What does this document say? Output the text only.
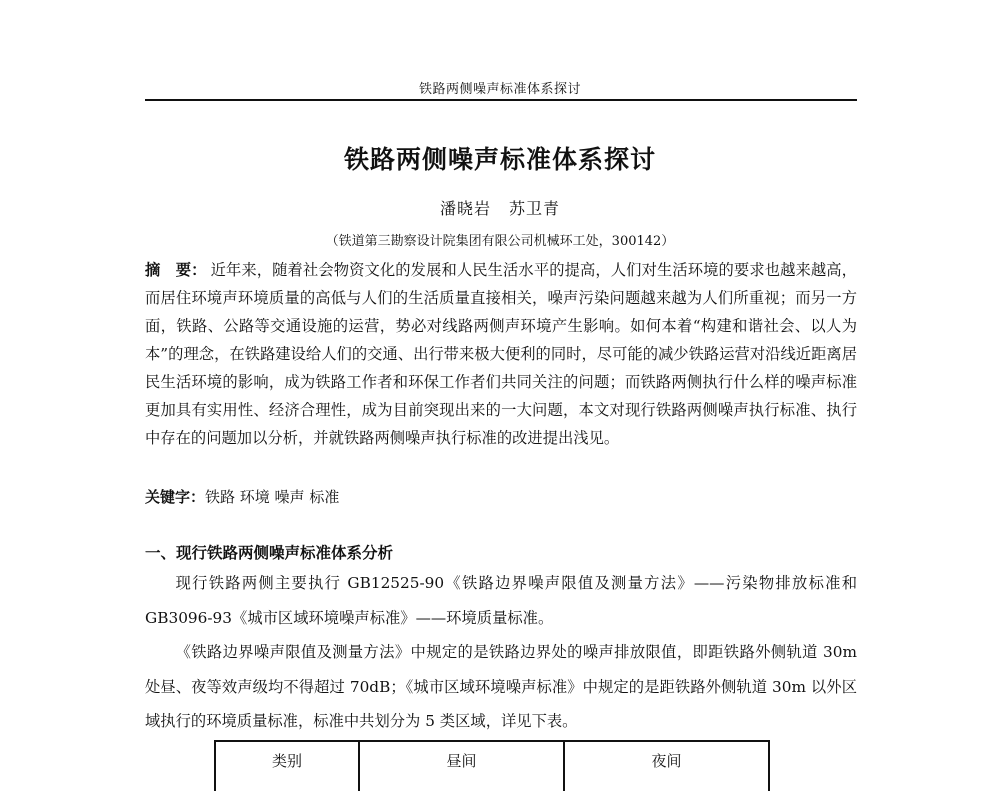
铁路两侧噪声标准体系探讨
铁路两侧噪声标准体系探讨
潘晓岩 苏卫青
（铁道第三勘察设计院集团有限公司机械环工处，300142）
摘　要： 近年来，随着社会物资文化的发展和人民生活水平的提高，人们对生活环境的要求也越来越高，而居住环境声环境质量的高低与人们的生活质量直接相关，噪声污染问题越来越为人们所重视；而另一方面，铁路、公路等交通设施的运营，势必对线路两侧声环境产生影响。如何本着“构建和谐社会、以人为本”的理念，在铁路建设给人们的交通、出行带来极大便利的同时，尽可能的减少铁路运营对沿线近距离居民生活环境的影响，成为铁路工作者和环保工作者们共同关注的问题；而铁路两侧执行什么样的噪声标准更加具有实用性、经济合理性，成为目前突现出来的一大问题，本文对现行铁路两侧噪声执行标准、执行中存在的问题加以分析，并就铁路两侧噪声执行标准的改进提出浅见。
关键字：铁路 环境 噪声 标准
一、现行铁路两侧噪声标准体系分析

现行铁路两侧主要执行 GB12525-90《铁路边界噪声限值及测量方法》——污染物排放标准和 GB3096-93《城市区域环境噪声标准》——环境质量标准。

《铁路边界噪声限值及测量方法》中规定的是铁路边界处的噪声排放限值，即距铁路外侧轨道 30m 处昼、夜等效声级均不得超过 70dB；《城市区域环境噪声标准》中规定的是距铁路外侧轨道 30m 以外区域执行的环境质量标准，标准中共划分为 5 类区域，详见下表。

类别	昼间	夜间
